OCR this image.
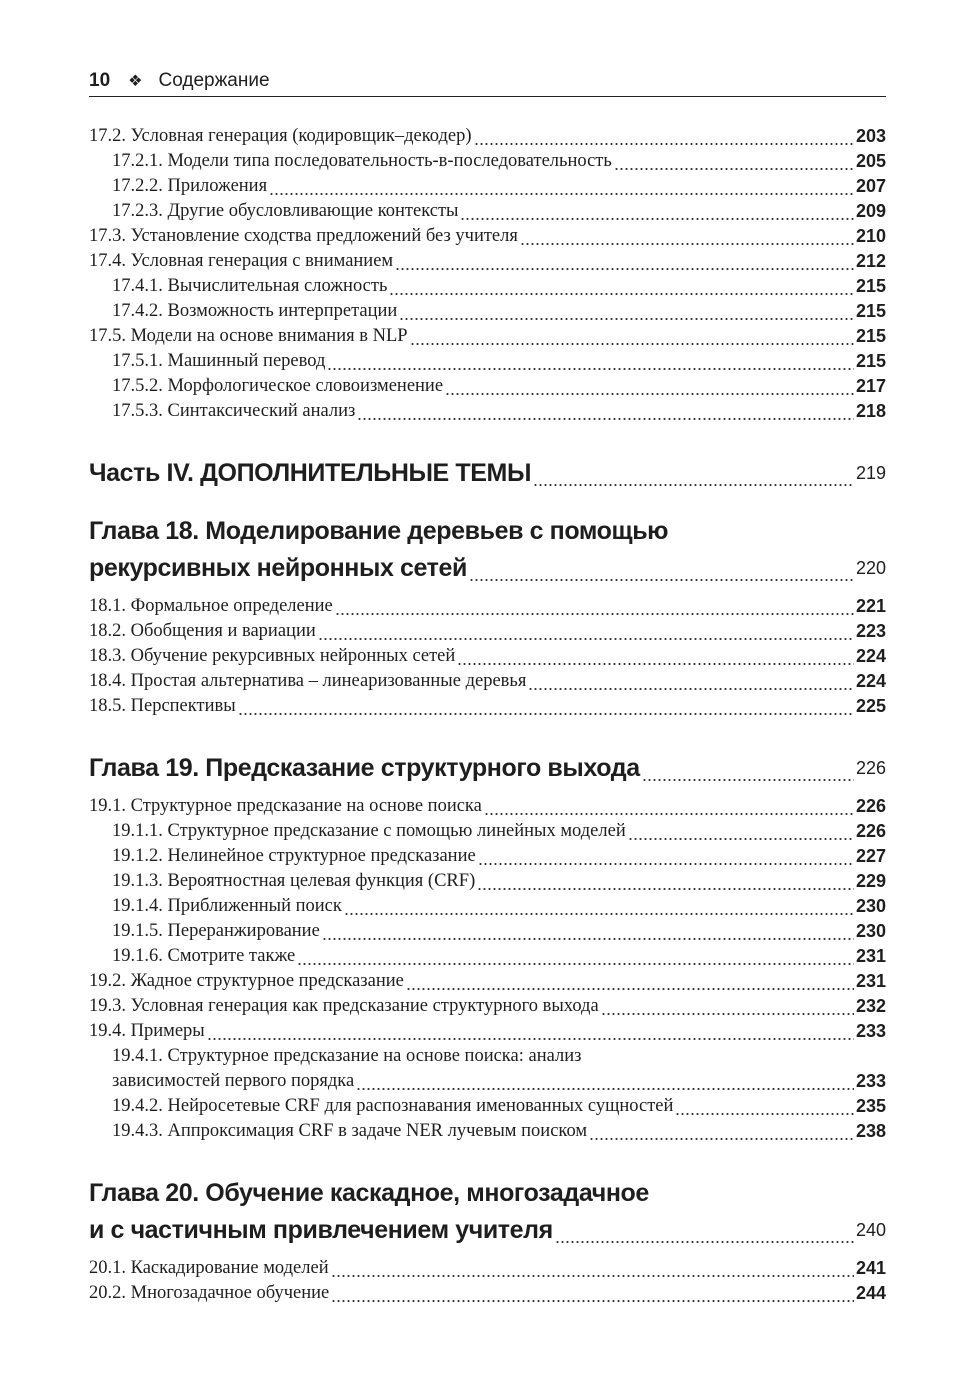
10 ❖ Содержание
17.2. Условная генерация (кодировщик–декодер)	203
17.2.1. Модели типа последовательность-в-последовательность	205
17.2.2. Приложения	207
17.2.3. Другие обусловливающие контексты	209
17.3. Установление сходства предложений без учителя	210
17.4. Условная генерация с вниманием	212
17.4.1. Вычислительная сложность	215
17.4.2. Возможность интерпретации	215
17.5. Модели на основе внимания в NLP	215
17.5.1. Машинный перевод	215
17.5.2. Морфологическое словоизменение	217
17.5.3. Синтаксический анализ	218
Часть IV. ДОПОЛНИТЕЛЬНЫЕ ТЕМЫ	219
Глава 18. Моделирование деревьев с помощью
рекурсивных нейронных сетей	220
18.1. Формальное определение	221
18.2. Обобщения и вариации	223
18.3. Обучение рекурсивных нейронных сетей	224
18.4. Простая альтернатива – линеаризованные деревья	224
18.5. Перспективы	225
Глава 19. Предсказание структурного выхода	226
19.1. Структурное предсказание на основе поиска	226
19.1.1. Структурное предсказание с помощью линейных моделей	226
19.1.2. Нелинейное структурное предсказание	227
19.1.3. Вероятностная целевая функция (CRF)	229
19.1.4. Приближенный поиск	230
19.1.5. Переранжирование	230
19.1.6. Смотрите также	231
19.2. Жадное структурное предсказание	231
19.3. Условная генерация как предсказание структурного выхода	232
19.4. Примеры	233
19.4.1. Структурное предсказание на основе поиска: анализ
зависимостей первого порядка	233
19.4.2. Нейросетевые CRF для распознавания именованных сущностей	235
19.4.3. Аппроксимация CRF в задаче NER лучевым поиском	238
Глава 20. Обучение каскадное, многозадачное
и с частичным привлечением учителя	240
20.1. Каскадирование моделей	241
20.2. Многозадачное обучение	244
